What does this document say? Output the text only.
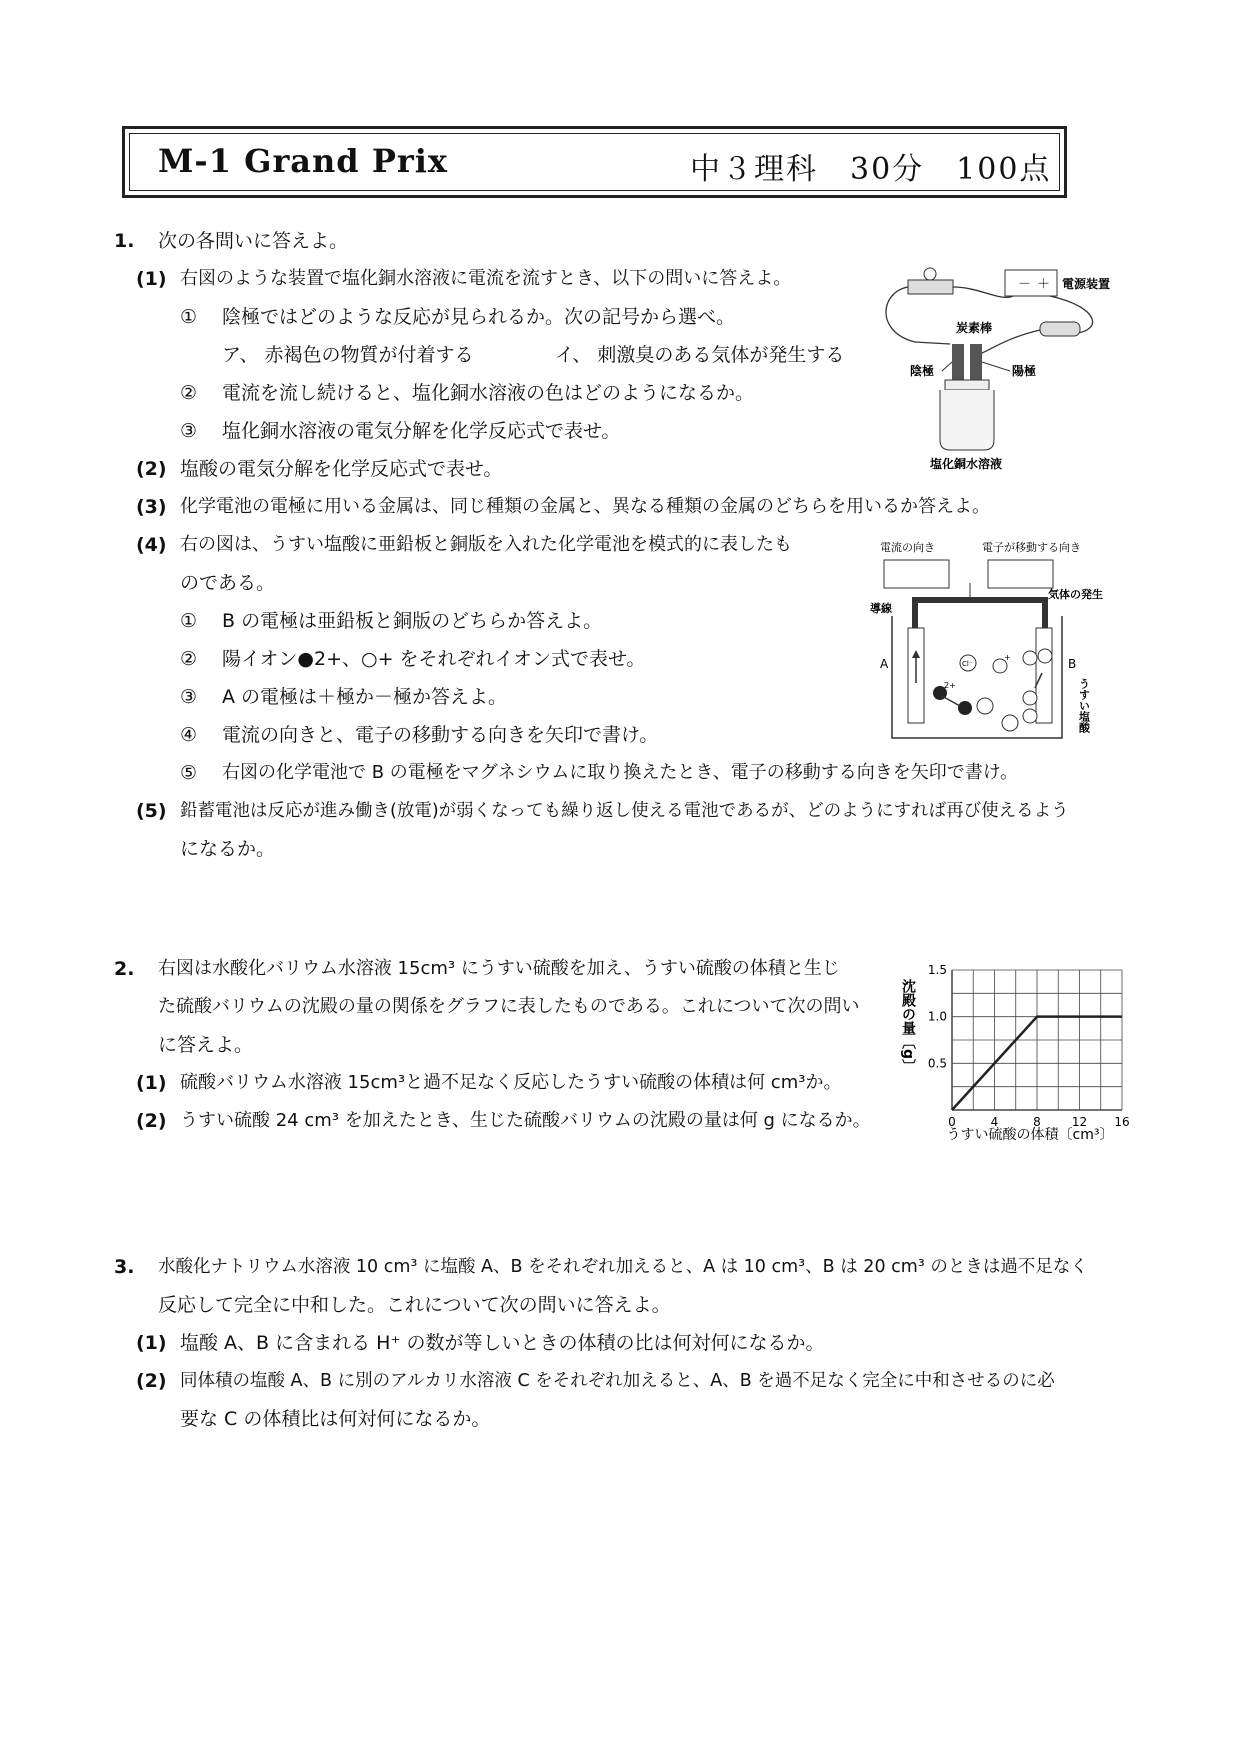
M-1 Grand Prix	中３理科　30分　100点
1. 次の各問いに答えよ。
(1) 右図のような装置で塩化銅水溶液に電流を流すとき、以下の問いに答えよ。
① 陰極ではどのような反応が見られるか。次の記号から選べ。
ア、 赤褐色の物質が付着する	イ、 刺激臭のある気体が発生する
② 電流を流し続けると、塩化銅水溶液の色はどのようになるか。
③ 塩化銅水溶液の電気分解を化学反応式で表せ。
(2) 塩酸の電気分解を化学反応式で表せ。
(3) 化学電池の電極に用いる金属は、同じ種類の金属と、異なる種類の金属のどちらを用いるか答えよ。
(4) 右の図は、うすい塩酸に亜鉛板と銅版を入れた化学電池を模式的に表したも
のである。
① B の電極は亜鉛板と銅版のどちらか答えよ。
② 陽イオン●2+、○+ をそれぞれイオン式で表せ。
③ A の電極は＋極か－極か答えよ。
④ 電流の向きと、電子の移動する向きを矢印で書け。
⑤ 右図の化学電池で B の電極をマグネシウムに取り換えたとき、電子の移動する向きを矢印で書け。
(5) 鉛蓄電池は反応が進み働き(放電)が弱くなっても繰り返し使える電池であるが、どのようにすれば再び使えるよう
になるか。
－ ＋ 電源装置
炭素棒
陰極	陽極
塩化銅水溶液
電流の向き	電子が移動する向き
気体の発生
導線
A	B
2+
Cl⁻
+
うすい塩酸
2. 右図は水酸化バリウム水溶液 15cm³ にうすい硫酸を加え、うすい硫酸の体積と生じ
た硫酸バリウムの沈殿の量の関係をグラフに表したものである。これについて次の問い
に答えよ。
(1) 硫酸バリウム水溶液 15cm³と過不足なく反応したうすい硫酸の体積は何 cm³か。
(2) うすい硫酸 24 cm³ を加えたとき、生じた硫酸バリウムの沈殿の量は何 g になるか。	0	4	8	12 16
0.5
1.0
1.5
うすい硫酸の体積〔cm³〕
沈殿の量〔g〕
3. 水酸化ナトリウム水溶液 10 cm³ に塩酸 A、B をそれぞれ加えると、A は 10 cm³、B は 20 cm³ のときは過不足なく
反応して完全に中和した。これについて次の問いに答えよ。
(1) 塩酸 A、B に含まれる H⁺ の数が等しいときの体積の比は何対何になるか。
(2) 同体積の塩酸 A、B に別のアルカリ水溶液 C をそれぞれ加えると、A、B を過不足なく完全に中和させるのに必
要な C の体積比は何対何になるか。
